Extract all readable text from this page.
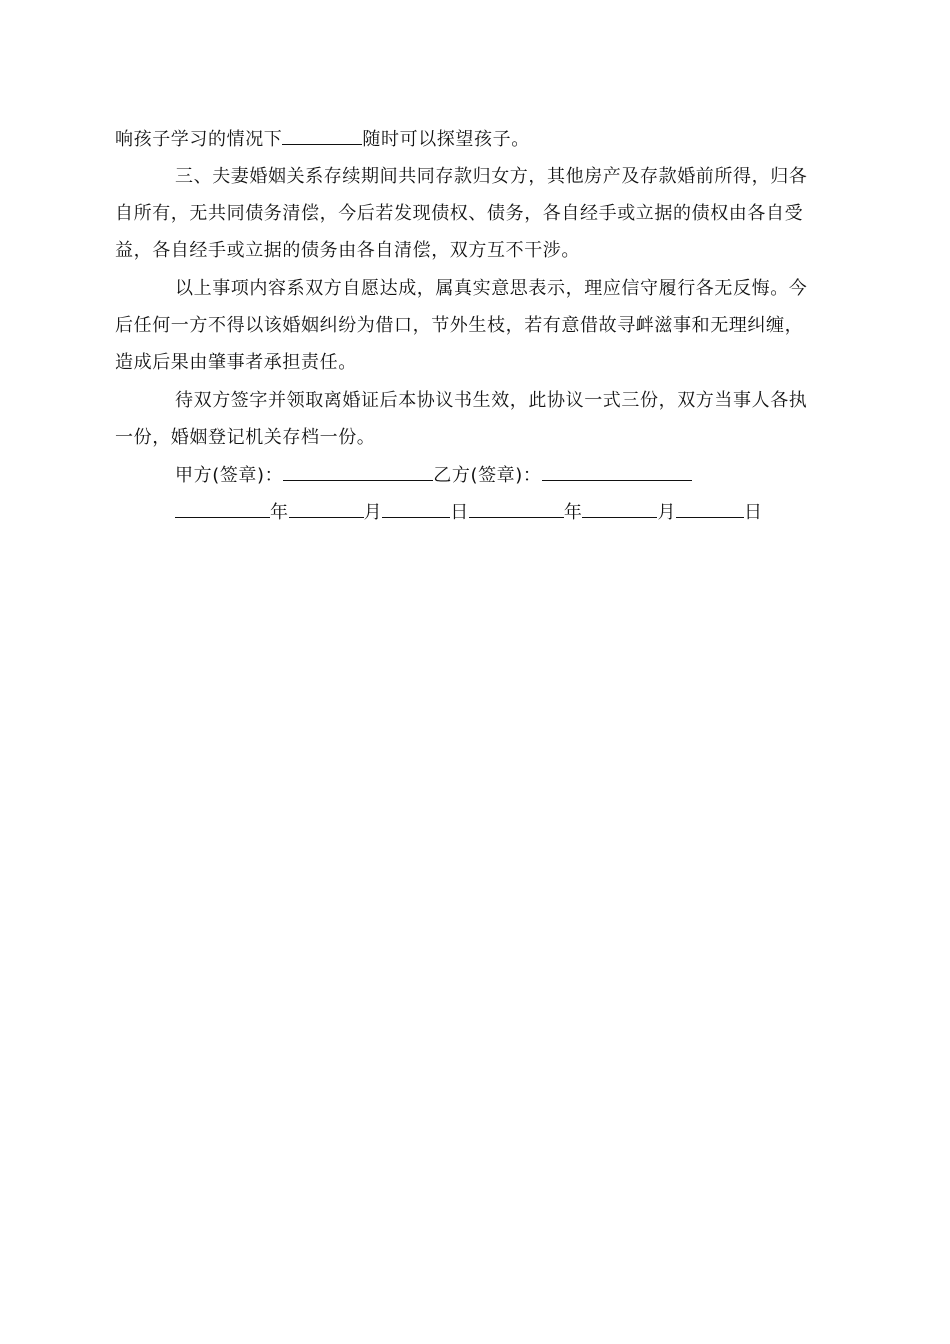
响孩子学习的情况下	随时可以探望孩子。
三、夫妻婚姻关系存续期间共同存款归女方，其他房产及存款婚前所得，归各
自所有，无共同债务清偿，今后若发现债权、债务，各自经手或立据的债权由各自受
益，各自经手或立据的债务由各自清偿，双方互不干涉。
以上事项内容系双方自愿达成，属真实意思表示，理应信守履行各无反悔。今
后任何一方不得以该婚姻纠纷为借口，节外生枝，若有意借故寻衅滋事和无理纠缠，
造成后果由肇事者承担责任。
待双方签字并领取离婚证后本协议书生效，此协议一式三份，双方当事人各执
一份，婚姻登记机关存档一份。
甲方(签章)：	乙方(签章)：
年	月	日	年	月	日
